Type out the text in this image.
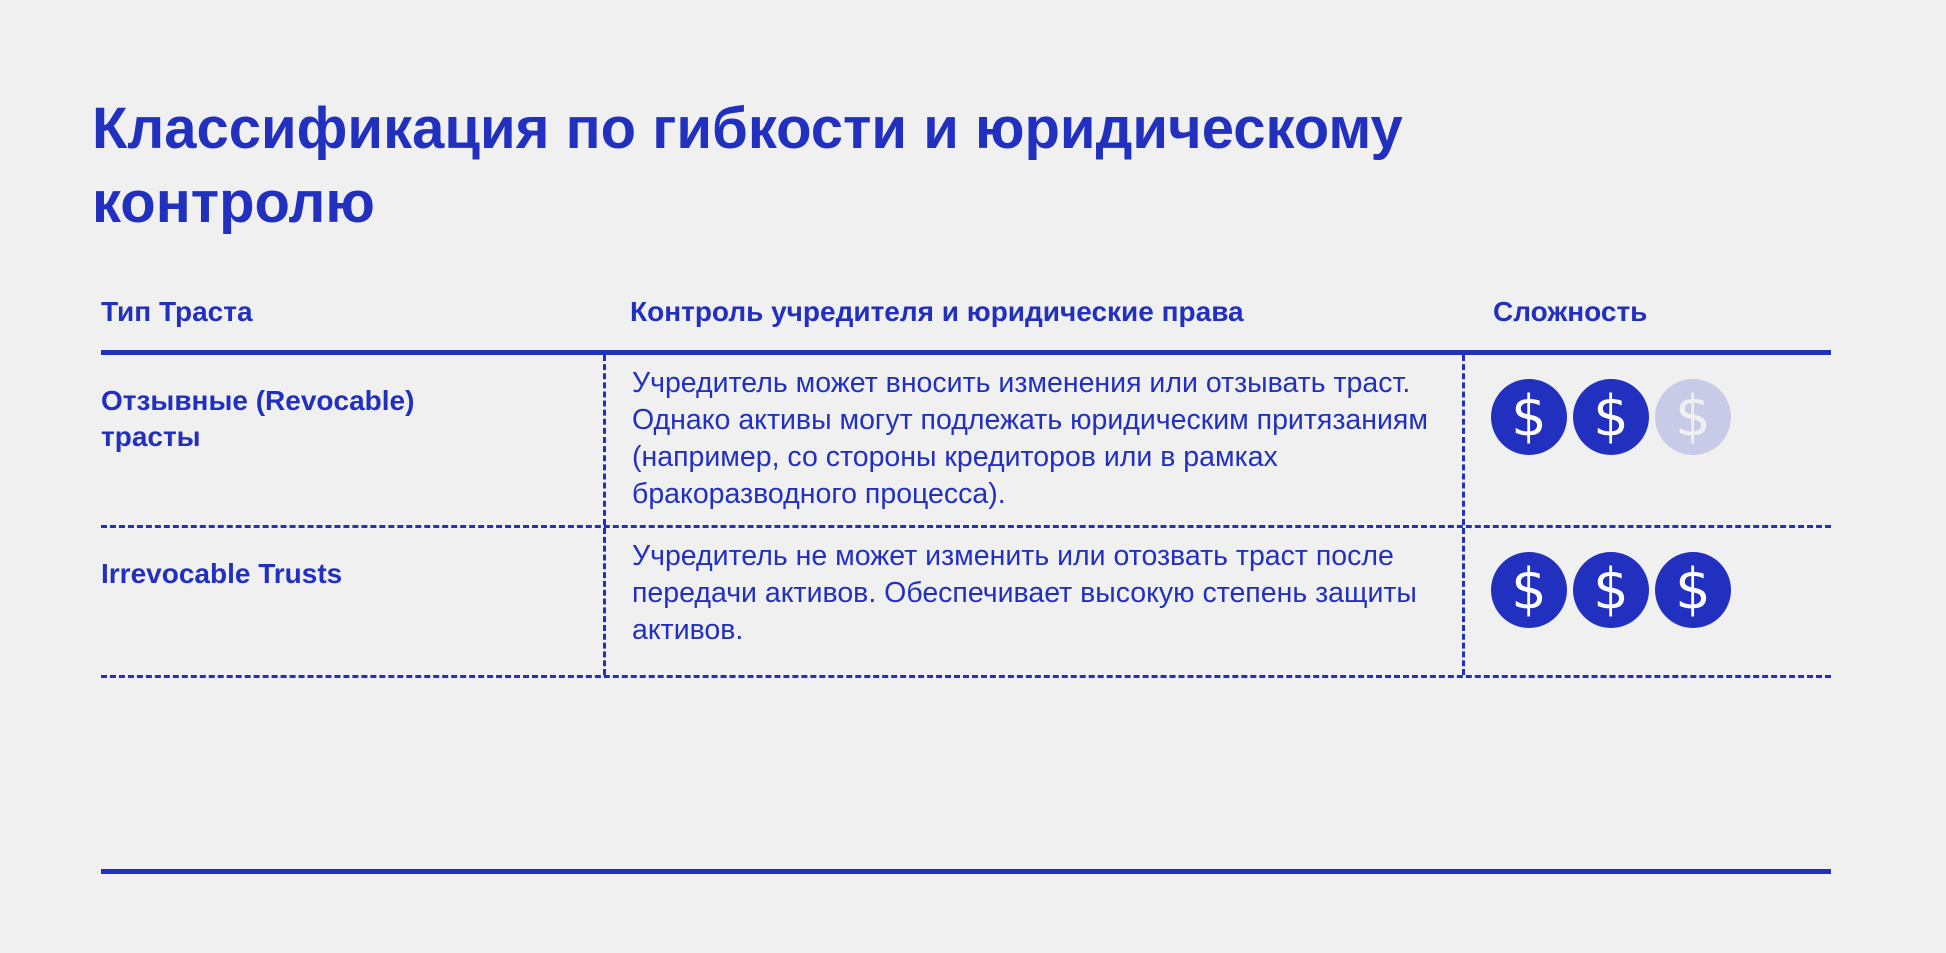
Классификация по гибкости и юридическому контролю
Тип Траста	Контроль учредителя и юридические права	Сложность
Отзывные (Revocable) трасты
Учредитель может вносить изменения или отзывать траст. Однако активы могут подлежать юридическим притязаниям (например, со стороны кредиторов или в рамках бракоразводного процесса).
$ $ $
Irrevocable Trusts
Учредитель не может изменить или отозвать траст после передачи активов. Обеспечивает высокую степень защиты активов.
$ $ $
